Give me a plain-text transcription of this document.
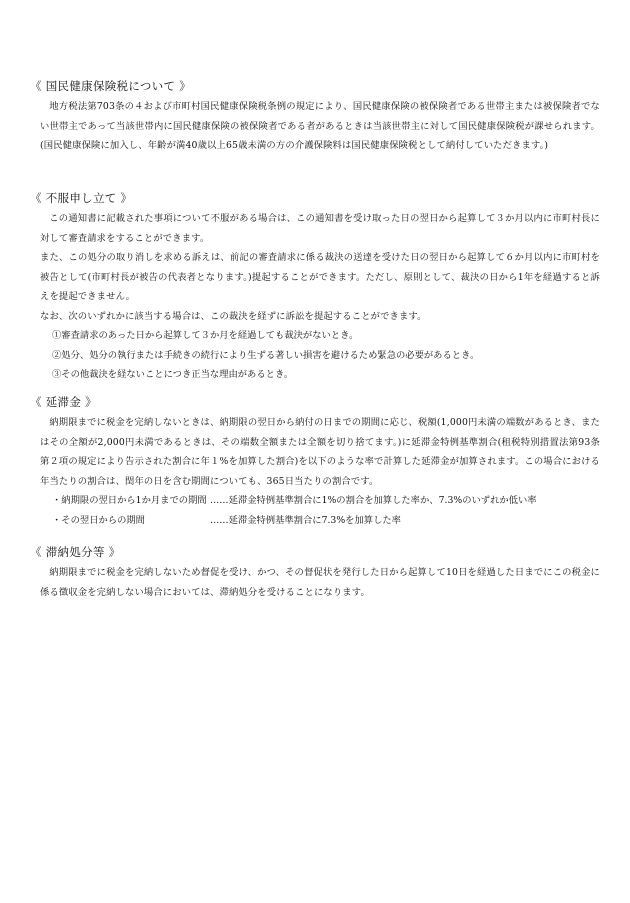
《 国民健康保険税について 》

地方税法第703条の４および市町村国民健康保険税条例の規定により、国民健康保険の被保険者である世帯主または被保険者でない世帯主であって当該世帯内に国民健康保険の被保険者である者があるときは当該世帯主に対して国民健康保険税が課せられます。(国民健康保険に加入し、年齢が満40歳以上65歳未満の方の介護保険料は国民健康保険税として納付していただきます。)

《 不服申し立て 》

この通知書に記載された事項について不服がある場合は、この通知書を受け取った日の翌日から起算して３か月以内に市町村長に対して審査請求をすることができます。

また、この処分の取り消しを求める訴えは、前記の審査請求に係る裁決の送達を受けた日の翌日から起算して６か月以内に市町村を被告として(市町村長が被告の代表者となります。)提起することができます。ただし、原則として、裁決の日から1年を経過すると訴えを提起できません。

なお、次のいずれかに該当する場合は、この裁決を経ずに訴訟を提起することができます。

①審査請求のあった日から起算して３か月を経過しても裁決がないとき。

②処分、処分の執行または手続きの続行により生ずる著しい損害を避けるため緊急の必要があるとき。

③その他裁決を経ないことにつき正当な理由があるとき。

《 延滞金 》

納期限までに税金を完納しないときは、納期限の翌日から納付の日までの期間に応じ、税額(1,000円未満の端数があるとき、またはその全額が2,000円未満であるときは、その端数全額または全額を切り捨てます。)に延滞金特例基準割合(租税特別措置法第93条第２項の規定により告示された割合に年１%を加算した割合)を以下のような率で計算した延滞金が加算されます。この場合における年当たりの割合は、閏年の日を含む期間についても、365日当たりの割合です。

・納期限の翌日から1か月までの期間 ……延滞金特例基準割合に1%の割合を加算した率か、7.3%のいずれか低い率
・その翌日からの期間	……延滞金特例基準割合に7.3%を加算した率
《 滞納処分等 》

納期限までに税金を完納しないため督促を受け、かつ、その督促状を発行した日から起算して10日を経過した日までにこの税金に係る徴収金を完納しない場合においては、滞納処分を受けることになります。
